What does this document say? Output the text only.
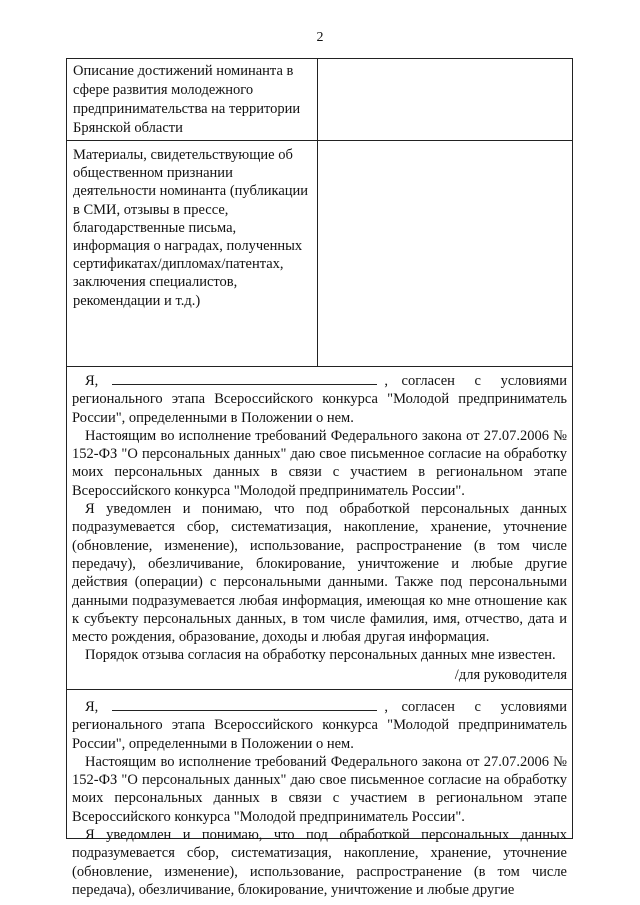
2
Описание достижений номинанта в сфере развития молодежного предпринимательства на территории Брянской области
Материалы, свидетельствующие об общественном признании деятельности номинанта (публикации в СМИ, отзывы в прессе, благодарственные письма, информация о наградах, полученных сертификатах/дипломах/патентах, заключения специалистов, рекомендации и т.д.)

Я,	, согласен с условиями

регионального этапа Всероссийского конкурса "Молодой предприниматель России", определенными в Положении о нем.

Настоящим во исполнение требований Федерального закона от 27.07.2006 № 152-ФЗ "О персональных данных" даю свое письменное согласие на обработку моих персональных данных в связи с участием в региональном этапе Всероссийского конкурса "Молодой предприниматель России".

Я уведомлен и понимаю, что под обработкой персональных данных подразумевается сбор, систематизация, накопление, хранение, уточнение (обновление, изменение), использование, распространение (в том числе передачу), обезличивание, блокирование, уничтожение и любые другие действия (операции) с персональными данными. Также под персональными данными подразумевается любая информация, имеющая ко мне отношение как к субъекту персональных данных, в том числе фамилия, имя, отчество, дата и место рождения, образование, доходы и любая другая информация.

Порядок отзыва согласия на обработку персональных данных мне известен.

/для руководителя

Я,	, согласен с условиями

регионального этапа Всероссийского конкурса "Молодой предприниматель России", определенными в Положении о нем.

Настоящим во исполнение требований Федерального закона от 27.07.2006 № 152-ФЗ "О персональных данных" даю свое письменное согласие на обработку моих персональных данных в связи с участием в региональном этапе Всероссийского конкурса "Молодой предприниматель России".

Я уведомлен и понимаю, что под обработкой персональных данных подразумевается сбор, систематизация, накопление, хранение, уточнение (обновление, изменение), использование, распространение (в том числе передача), обезличивание, блокирование, уничтожение и любые другие
